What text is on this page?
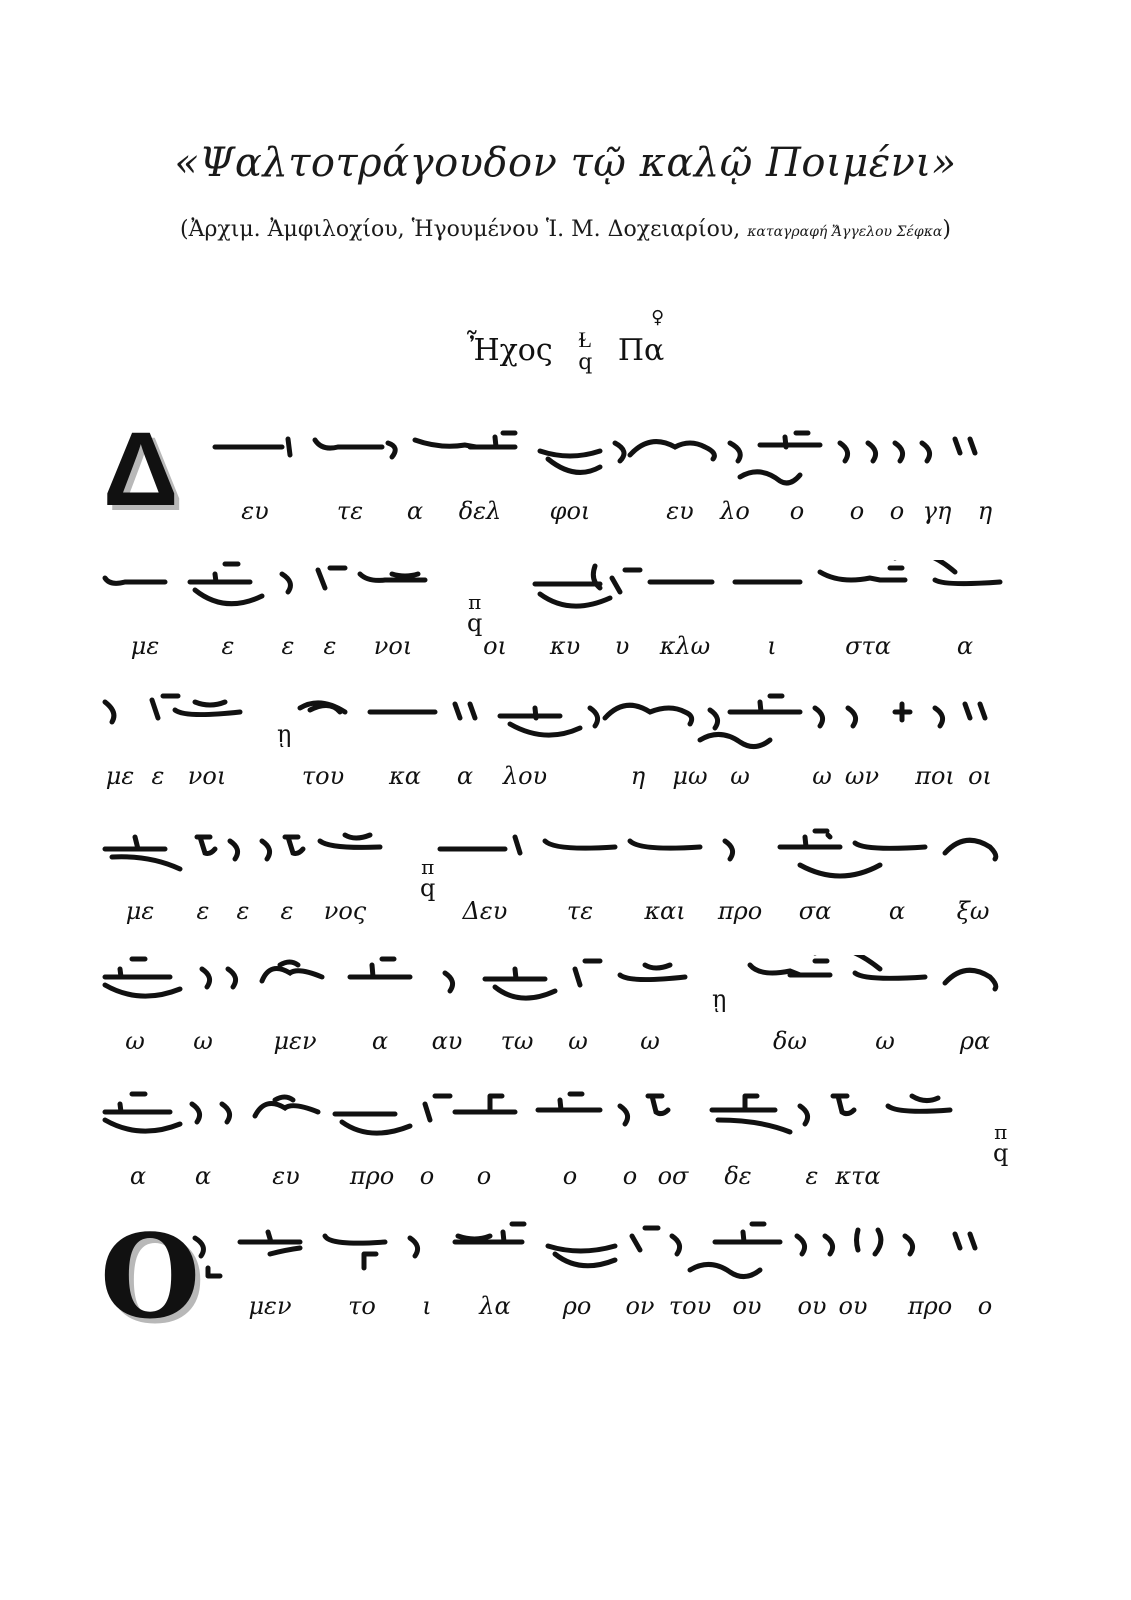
«Ψαλτοτράγουδον τῷ καλῷ Ποιμένι»
(Ἀρχιμ. Ἀμφιλοχίου, Ἡγουμένου Ἱ. Μ. Δοχειαρίου, καταγραφή Ἄγγελου Σέφκα)
Ἦχος Ɫ
q Πα
♀
Δ
O
ευ	τε α δελ φοι	ευ λο ο ο ο γη η
με	ε ε ε νοι	οι κυ υ κλω ι	στα	α
π
q
με ε νοι	του κα α λου	η μω ω	ω ων ποι οι
ῃ
με ε ε ε νος	Δευ τε και προ σα α ξω
π
q
ω ω	μεν α αυ τω ω ω	δω	ω	ρα
ῃ
α α	ευ προ ο ο	ο ο οσ δε ε κτα
π
q
μεν το ι λα ρο ον του ου ου ου προ ο
